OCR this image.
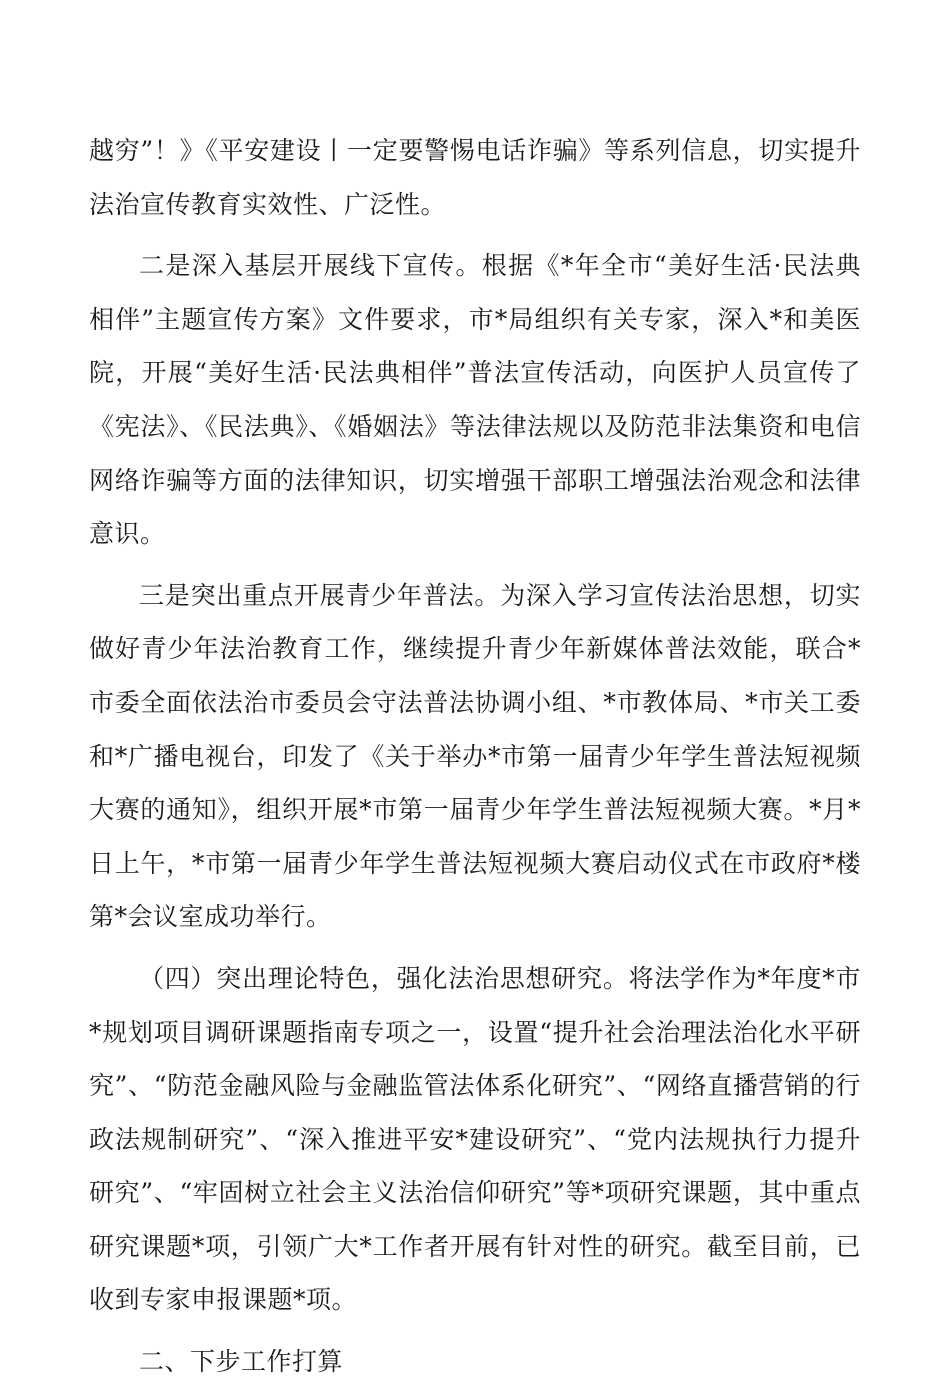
越穷”！》《平安建设丨一定要警惕电话诈骗》等系列信息，切实提升法治宣传教育实效性、广泛性。

二是深入基层开展线下宣传。根据《*年全市“美好生活·民法典相伴”主题宣传方案》文件要求，市*局组织有关专家，深入*和美医院，开展“美好生活·民法典相伴”普法宣传活动，向医护人员宣传了《宪法》、《民法典》、《婚姻法》等法律法规以及防范非法集资和电信网络诈骗等方面的法律知识，切实增强干部职工增强法治观念和法律意识。

三是突出重点开展青少年普法。为深入学习宣传法治思想，切实做好青少年法治教育工作，继续提升青少年新媒体普法效能，联合*市委全面依法治市委员会守法普法协调小组、*市教体局、*市关工委和*广播电视台，印发了《关于举办*市第一届青少年学生普法短视频大赛的通知》，组织开展*市第一届青少年学生普法短视频大赛。*月*日上午，*市第一届青少年学生普法短视频大赛启动仪式在市政府*楼第*会议室成功举行。

（四）突出理论特色，强化法治思想研究。将法学作为*年度*市*规划项目调研课题指南专项之一，设置“提升社会治理法治化水平研究”、“防范金融风险与金融监管法体系化研究”、“网络直播营销的行政法规制研究”、“深入推进平安*建设研究”、“党内法规执行力提升研究”、“牢固树立社会主义法治信仰研究”等*项研究课题，其中重点研究课题*项，引领广大*工作者开展有针对性的研究。截至目前，已收到专家申报课题*项。

二、下步工作打算
